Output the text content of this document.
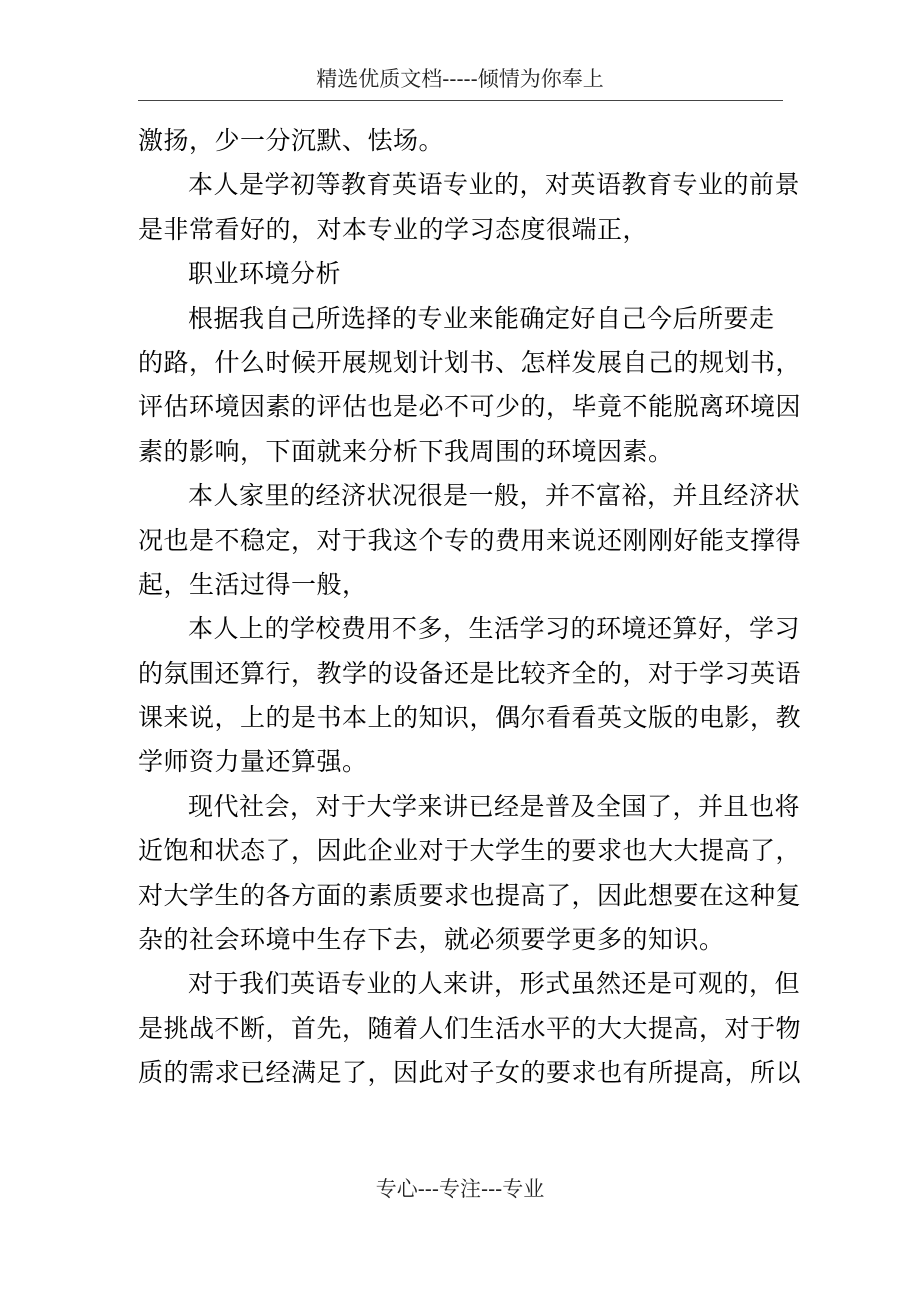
精选优质文档-----倾情为你奉上
激扬，少一分沉默、怯场。
本人是学初等教育英语专业的，对英语教育专业的前景
是非常看好的，对本专业的学习态度很端正，
职业环境分析
根据我自己所选择的专业来能确定好自己今后所要走
的路，什么时候开展规划计划书、怎样发展自己的规划书，
评估环境因素的评估也是必不可少的，毕竟不能脱离环境因
素的影响，下面就来分析下我周围的环境因素。
本人家里的经济状况很是一般，并不富裕，并且经济状
况也是不稳定，对于我这个专的费用来说还刚刚好能支撑得
起，生活过得一般，
本人上的学校费用不多，生活学习的环境还算好，学习
的氛围还算行，教学的设备还是比较齐全的，对于学习英语
课来说，上的是书本上的知识，偶尔看看英文版的电影，教
学师资力量还算强。
现代社会，对于大学来讲已经是普及全国了，并且也将
近饱和状态了，因此企业对于大学生的要求也大大提高了，
对大学生的各方面的素质要求也提高了，因此想要在这种复
杂的社会环境中生存下去，就必须要学更多的知识。
对于我们英语专业的人来讲，形式虽然还是可观的，但
是挑战不断，首先，随着人们生活水平的大大提高，对于物
质的需求已经满足了，因此对子女的要求也有所提高，所以
专心---专注---专业
